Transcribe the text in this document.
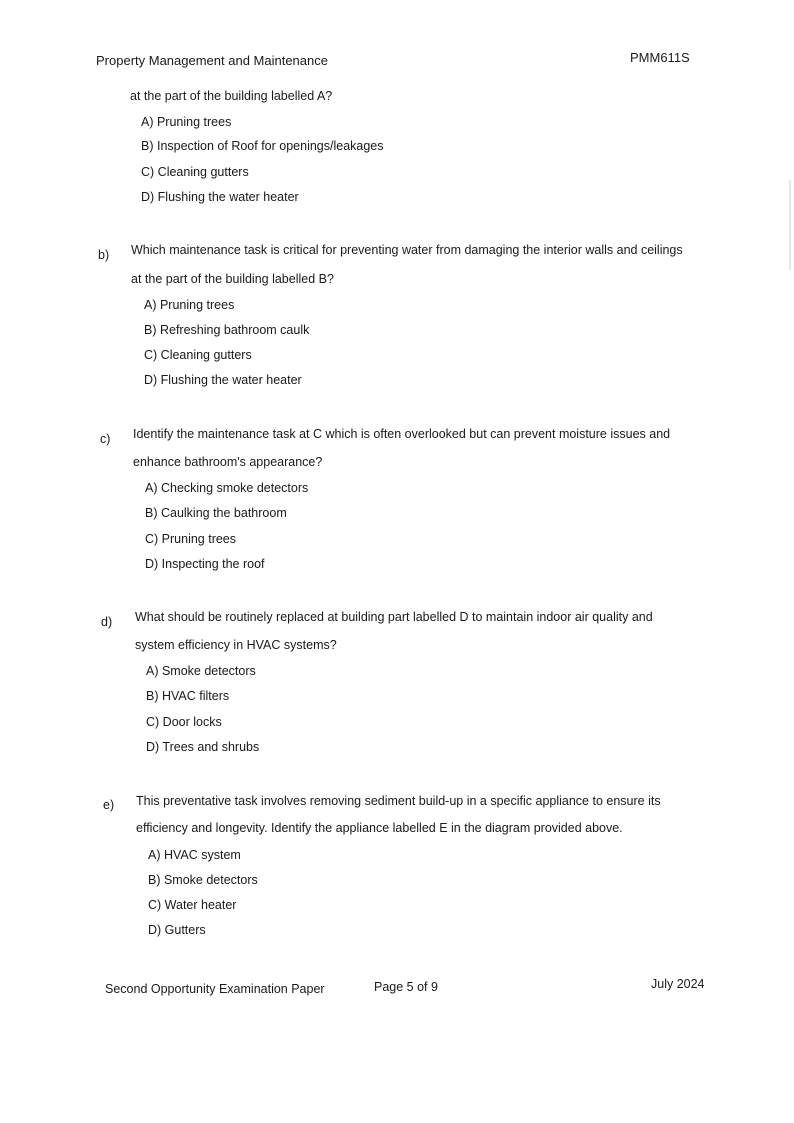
Property Management and Maintenance	PMM611S
at the part of the building labelled A?
A) Pruning trees
B) Inspection of Roof for openings/leakages
C) Cleaning gutters
D) Flushing the water heater
b) Which maintenance task is critical for preventing water from damaging the interior walls and ceilings
at the part of the building labelled B?
A) Pruning trees
B) Refreshing bathroom caulk
C) Cleaning gutters
D) Flushing the water heater
c) Identify the maintenance task at C which is often overlooked but can prevent moisture issues and
enhance bathroom's appearance?
A) Checking smoke detectors
B) Caulking the bathroom
C) Pruning trees
D) Inspecting the roof
d) What should be routinely replaced at building part labelled D to maintain indoor air quality and
system efficiency in HVAC systems?
A) Smoke detectors
B) HVAC filters
C) Door locks
D) Trees and shrubs
e) This preventative task involves removing sediment build-up in a specific appliance to ensure its
efficiency and longevity. Identify the appliance labelled E in the diagram provided above.
A) HVAC system
B) Smoke detectors
C) Water heater
D) Gutters
Second Opportunity Examination Paper	Page 5 of 9	July 2024
